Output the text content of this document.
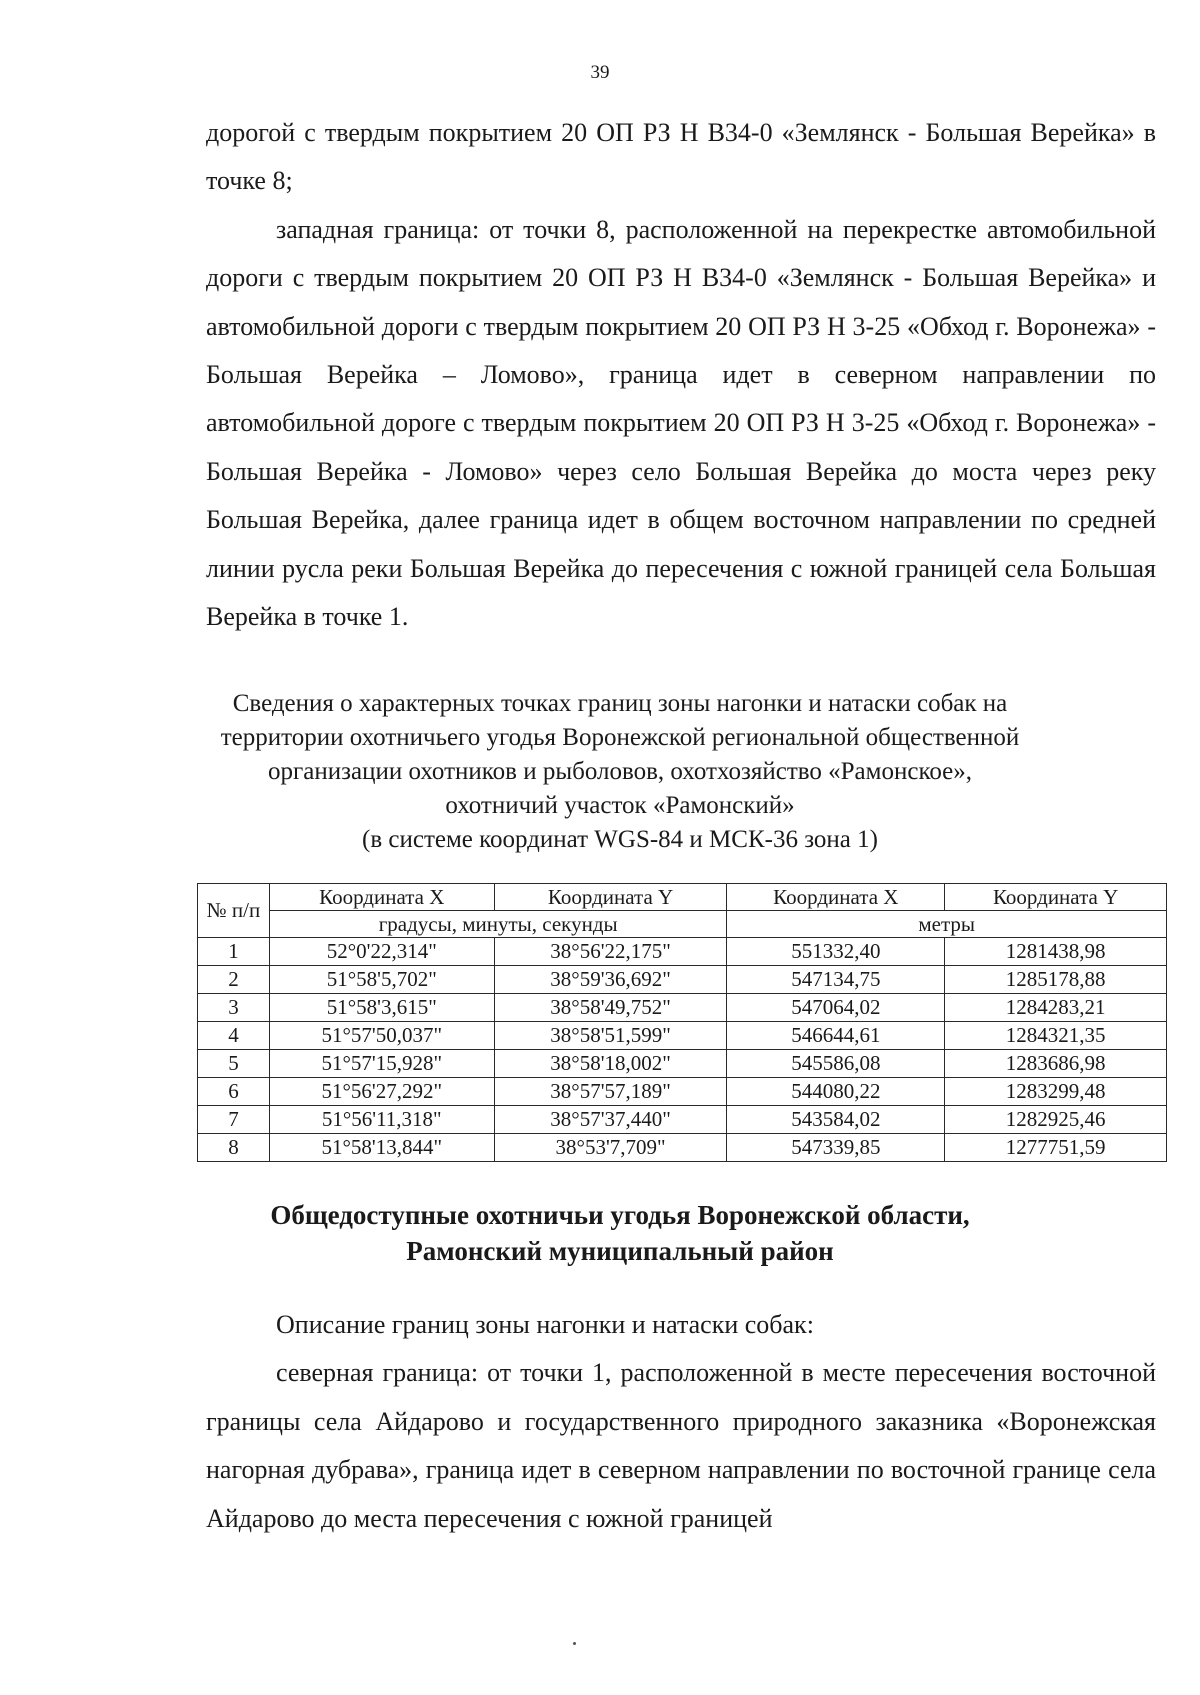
39

дорогой с твердым покрытием 20 ОП РЗ Н В34-0 «Землянск - Большая Верейка» в точке 8;

западная граница: от точки 8, расположенной на перекрестке автомобильной дороги с твердым покрытием 20 ОП РЗ Н В34-0 «Землянск - Большая Верейка» и автомобильной дороги с твердым покрытием 20 ОП РЗ Н 3-25 «Обход г. Воронежа» - Большая Верейка – Ломово», граница идет в северном направлении по автомобильной дороге с твердым покрытием 20 ОП РЗ Н 3-25 «Обход г. Воронежа» - Большая Верейка - Ломово» через село Большая Верейка до моста через реку Большая Верейка, далее граница идет в общем восточном направлении по средней линии русла реки Большая Верейка до пересечения с южной границей села Большая Верейка в точке 1.

Сведения о характерных точках границ зоны нагонки и натаски собак на
территории охотничьего угодья Воронежской региональной общественной
организации охотников и рыболовов, охотхозяйство «Рамонское»,
охотничий участок «Рамонский»
(в системе координат WGS-84 и МСК-36 зона 1)
№ п/п	Координата X	Координата Y	Координата X	Координата Y
	градусы, минуты, секунды		метры	
1	52°0'22,314"	38°56'22,175"	551332,40	1281438,98
2	51°58'5,702"	38°59'36,692"	547134,75	1285178,88
3	51°58'3,615"	38°58'49,752"	547064,02	1284283,21
4	51°57'50,037"	38°58'51,599"	546644,61	1284321,35
5	51°57'15,928"	38°58'18,002"	545586,08	1283686,98
6	51°56'27,292"	38°57'57,189"	544080,22	1283299,48
7	51°56'11,318"	38°57'37,440"	543584,02	1282925,46
8	51°58'13,844"	38°53'7,709"	547339,85	1277751,59
Общедоступные охотничьи угодья Воронежской области,
Рамонский муниципальный район

Описание границ зоны нагонки и натаски собак:

северная граница: от точки 1, расположенной в месте пересечения восточной границы села Айдарово и государственного природного заказника «Воронежская нагорная дубрава», граница идет в северном направлении по восточной границе села Айдарово до места пересечения с южной границей
